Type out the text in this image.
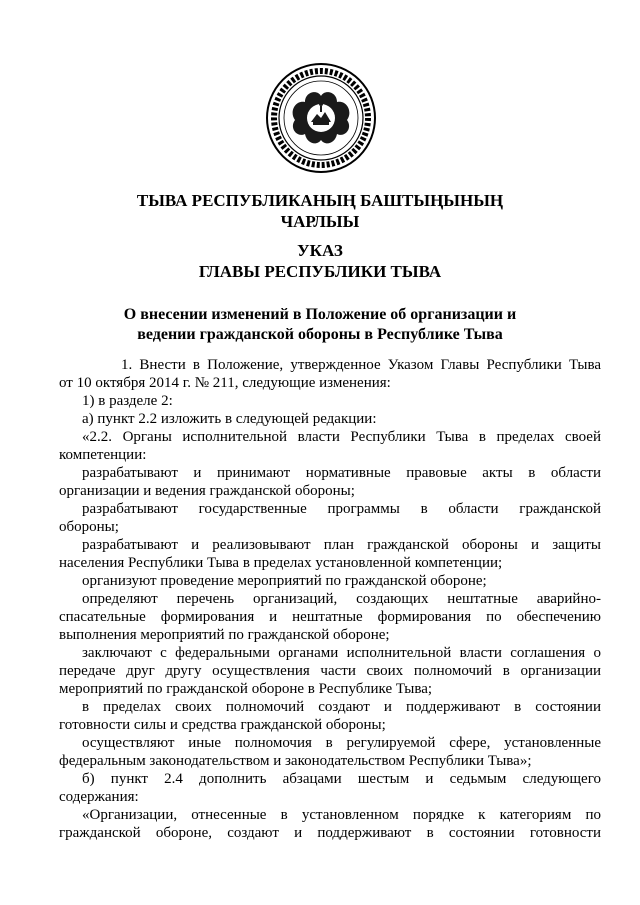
ТЫВА РЕСПУБЛИКАНЫҢ БАШТЫҢЫНЫҢ
ЧАРЛЫЫ
УКАЗ
ГЛАВЫ РЕСПУБЛИКИ ТЫВА
О внесении изменений в Положение об организации и
ведении гражданской обороны в Республике Тыва
1. Внести в Положение, утвержденное Указом Главы Республики Тыва
от 10 октября 2014 г. № 211, следующие изменения:
1) в разделе 2:
а) пункт 2.2 изложить в следующей редакции:
«2.2. Органы исполнительной власти Республики Тыва в пределах своей
компетенции:
разрабатывают и принимают нормативные правовые акты в области
организации и ведения гражданской обороны;
разрабатывают государственные программы в области гражданской
обороны;
разрабатывают и реализовывают план гражданской обороны и защиты
населения Республики Тыва в пределах установленной компетенции;
организуют проведение мероприятий по гражданской обороне;
определяют перечень организаций, создающих нештатные аварийно-
спасательные формирования и нештатные формирования по обеспечению
выполнения мероприятий по гражданской обороне;
заключают с федеральными органами исполнительной власти соглашения о
передаче друг другу осуществления части своих полномочий в организации
мероприятий по гражданской обороне в Республике Тыва;
в пределах своих полномочий создают и поддерживают в состоянии
готовности силы и средства гражданской обороны;
осуществляют иные полномочия в регулируемой сфере, установленные
федеральным законодательством и законодательством Республики Тыва»;
б) пункт 2.4 дополнить абзацами шестым и седьмым следующего
содержания:
«Организации, отнесенные в установленном порядке к категориям по
гражданской обороне, создают и поддерживают в состоянии готовности
